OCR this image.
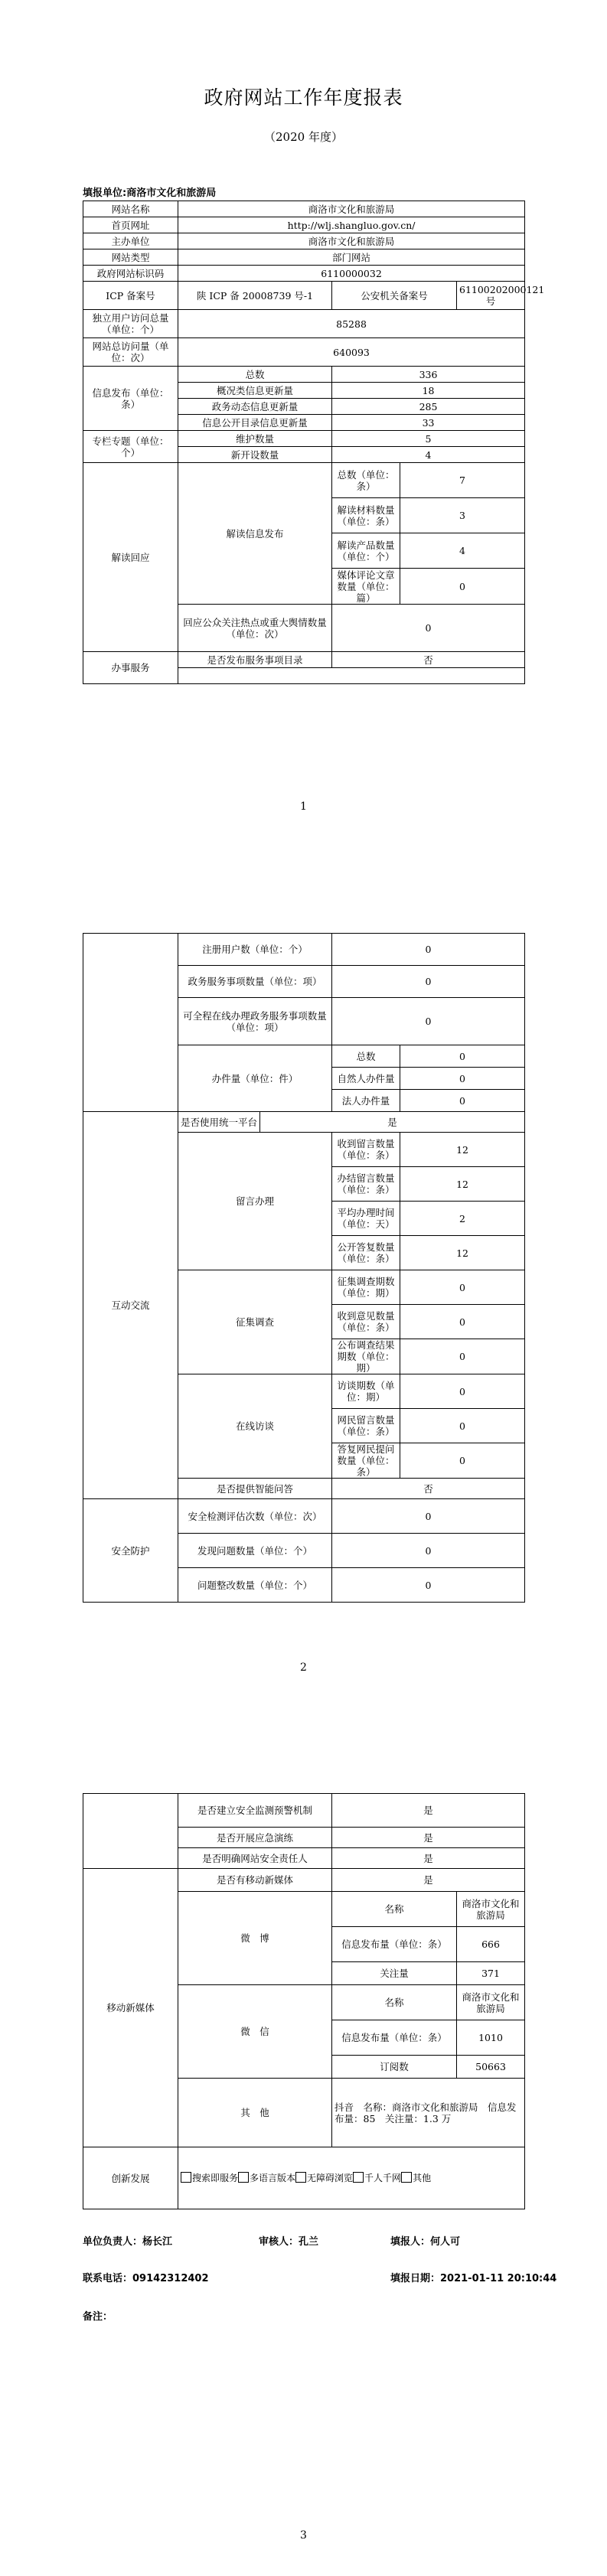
政府网站工作年度报表
（2020 年度）
填报单位:商洛市文化和旅游局
网站名称	商洛市文化和旅游局			
首页网址	http://wlj.shangluo.gov.cn/			
主办单位	商洛市文化和旅游局			
网站类型	部门网站			
政府网站标识码	6110000032			
ICP 备案号	陕 ICP 备 20008739 号-1	公安机关备案号		61100202000121 号
独立用户访问总量（单位：个）	85288			
网站总访问量（单位：次）	640093			
信息发布（单位：条）	总数	336		
	概况类信息更新量	18		
	政务动态信息更新量	285		
	信息公开目录信息更新量	33		
专栏专题（单位：个）	维护数量	5		
	新开设数量	4		
解读回应	解读信息发布	总数（单位：条）	7	
		解读材料数量（单位：条）	3	
		解读产品数量（单位：个）	4	
		媒体评论文章数量（单位：篇）	0	
	回应公众关注热点或重大舆情数量（单位：次）	0		
办事服务	是否发布服务事项目录	否		

1
	注册用户数（单位：个）		0	
	政务服务事项数量（单位：项）		0	
	可全程在线办理政务服务事项数量（单位：项）		0	
	办件量（单位：件）		总数	0
			自然人办件量	0
			法人办件量	0
互动交流	是否使用统一平台	是		
	留言办理		收到留言数量（单位：条）	12
			办结留言数量（单位：条）	12
			平均办理时间（单位：天）	2
			公开答复数量（单位：条）	12
	征集调查		征集调查期数（单位：期）	0
			收到意见数量（单位：条）	0
			公布调查结果期数（单位：期）	0
	在线访谈		访谈期数（单位：期）	0
			网民留言数量（单位：条）	0
			答复网民提问数量（单位：条）	0
	是否提供智能问答		否	
安全防护	安全检测评估次数（单位：次）		0	
	发现问题数量（单位：个）		0	
	问题整改数量（单位：个）		0	
2
	是否建立安全监测预警机制	是	
	是否开展应急演练	是	
	是否明确网站安全责任人	是	
移动新媒体	是否有移动新媒体	是	
	微　博	名称	商洛市文化和旅游局
		信息发布量（单位：条）	666
		关注量	371
	微　信	名称	商洛市文化和旅游局
		信息发布量（单位：条）	1010
		订阅数	50663
	其　他	抖音　名称：商洛市文化和旅游局　信息发布量：85　关注量：1.3 万	
创新发展	搜索即服务 多语言版本 无障碍浏览 千人千网 其他		
单位负责人：杨长江	审核人：孔兰	填报人：何人可
联系电话：09142312402	填报日期：2021-01-11 20:10:44
备注：
3
